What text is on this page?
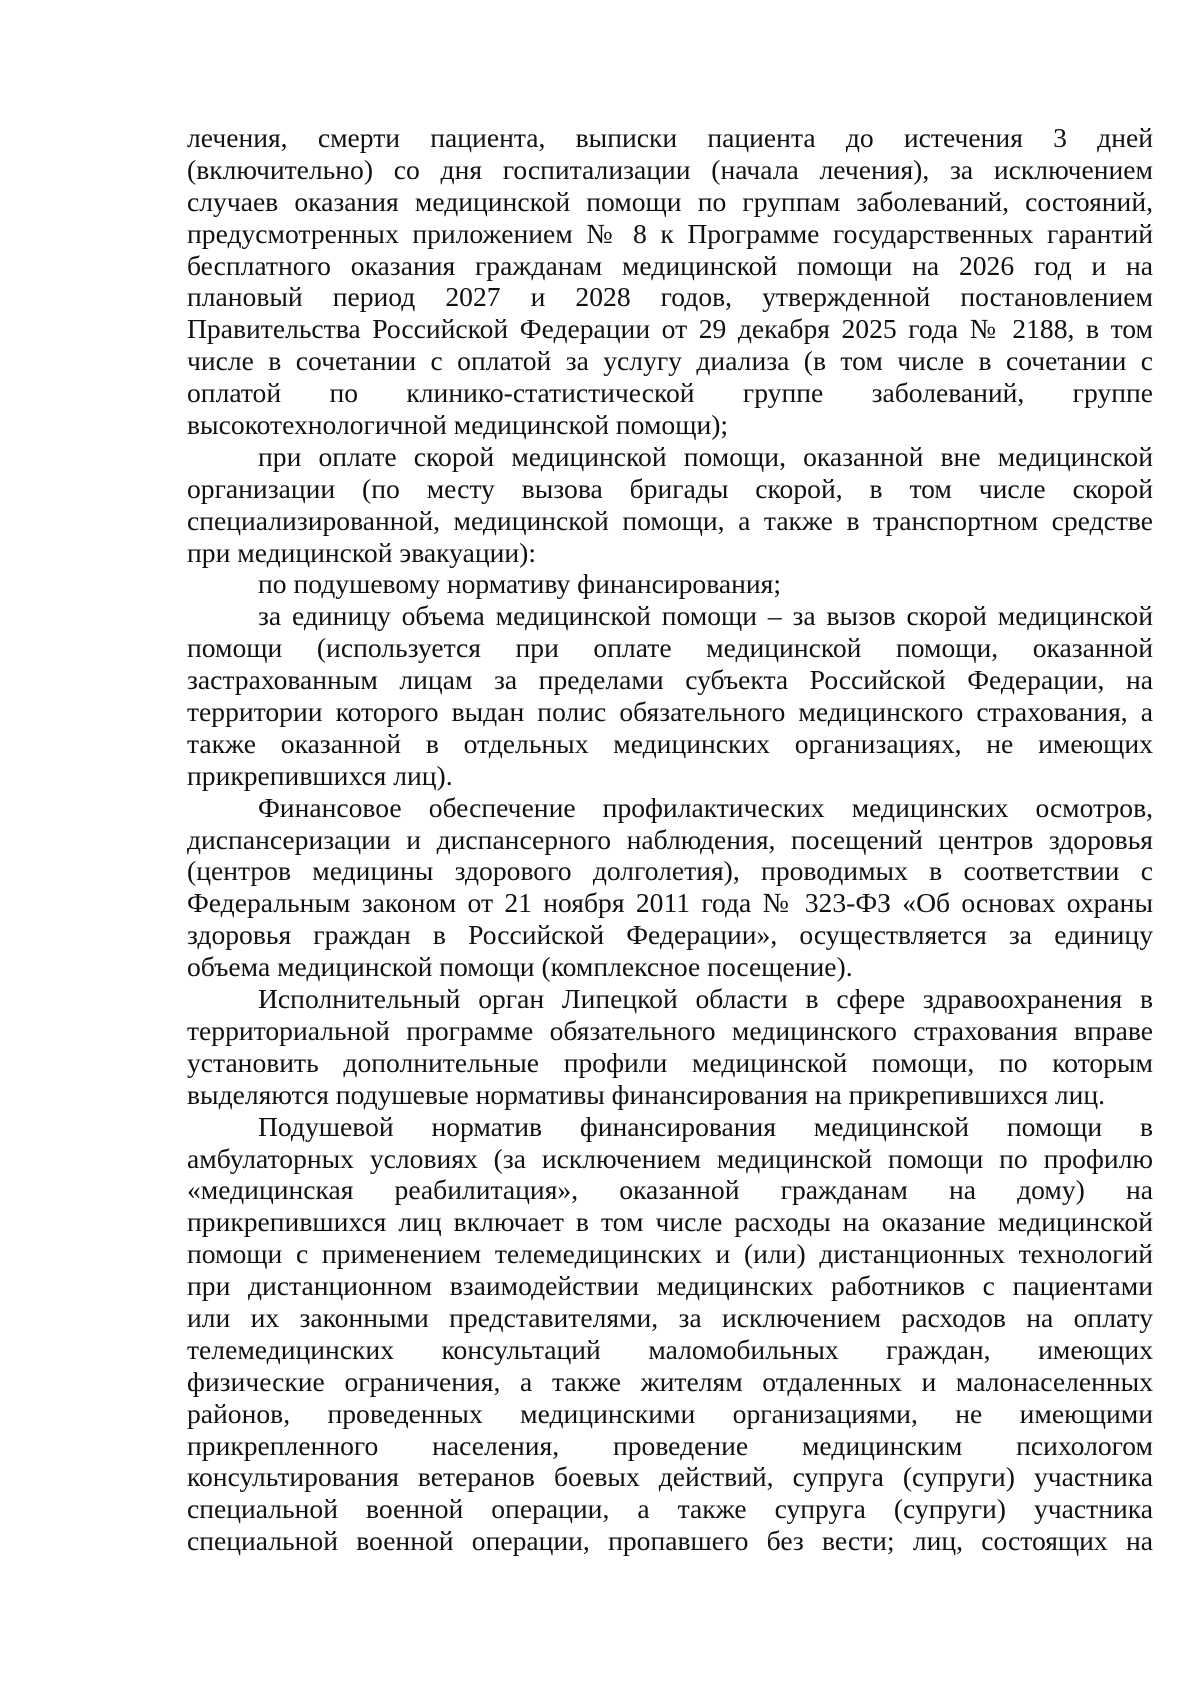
лечения, смерти пациента, выписки пациента до истечения 3 дней
(включительно) со дня госпитализации (начала лечения), за исключением
случаев оказания медицинской помощи по группам заболеваний, состояний,
предусмотренных приложением № 8 к Программе государственных гарантий
бесплатного оказания гражданам медицинской помощи на 2026 год и на
плановый период 2027 и 2028 годов, утвержденной постановлением
Правительства Российской Федерации от 29 декабря 2025 года № 2188, в том
числе в сочетании с оплатой за услугу диализа (в том числе в сочетании с
оплатой по клинико-статистической группе заболеваний, группе
высокотехнологичной медицинской помощи);
при оплате скорой медицинской помощи, оказанной вне медицинской
организации (по месту вызова бригады скорой, в том числе скорой
специализированной, медицинской помощи, а также в транспортном средстве
при медицинской эвакуации):
по подушевому нормативу финансирования;
за единицу объема медицинской помощи – за вызов скорой медицинской
помощи (используется при оплате медицинской помощи, оказанной
застрахованным лицам за пределами субъекта Российской Федерации, на
территории которого выдан полис обязательного медицинского страхования, а
также оказанной в отдельных медицинских организациях, не имеющих
прикрепившихся лиц).
Финансовое обеспечение профилактических медицинских осмотров,
диспансеризации и диспансерного наблюдения, посещений центров здоровья
(центров медицины здорового долголетия), проводимых в соответствии с
Федеральным законом от 21 ноября 2011 года № 323-ФЗ «Об основах охраны
здоровья граждан в Российской Федерации», осуществляется за единицу
объема медицинской помощи (комплексное посещение).
Исполнительный орган Липецкой области в сфере здравоохранения в
территориальной программе обязательного медицинского страхования вправе
установить дополнительные профили медицинской помощи, по которым
выделяются подушевые нормативы финансирования на прикрепившихся лиц.
Подушевой норматив финансирования медицинской помощи в
амбулаторных условиях (за исключением медицинской помощи по профилю
«медицинская реабилитация», оказанной гражданам на дому) на
прикрепившихся лиц включает в том числе расходы на оказание медицинской
помощи с применением телемедицинских и (или) дистанционных технологий
при дистанционном взаимодействии медицинских работников с пациентами
или их законными представителями, за исключением расходов на оплату
телемедицинских консультаций маломобильных граждан, имеющих
физические ограничения, а также жителям отдаленных и малонаселенных
районов, проведенных медицинскими организациями, не имеющими
прикрепленного населения, проведение медицинским психологом
консультирования ветеранов боевых действий, супруга (супруги) участника
специальной военной операции, а также супруга (супруги) участника
специальной военной операции, пропавшего без вести; лиц, состоящих на
